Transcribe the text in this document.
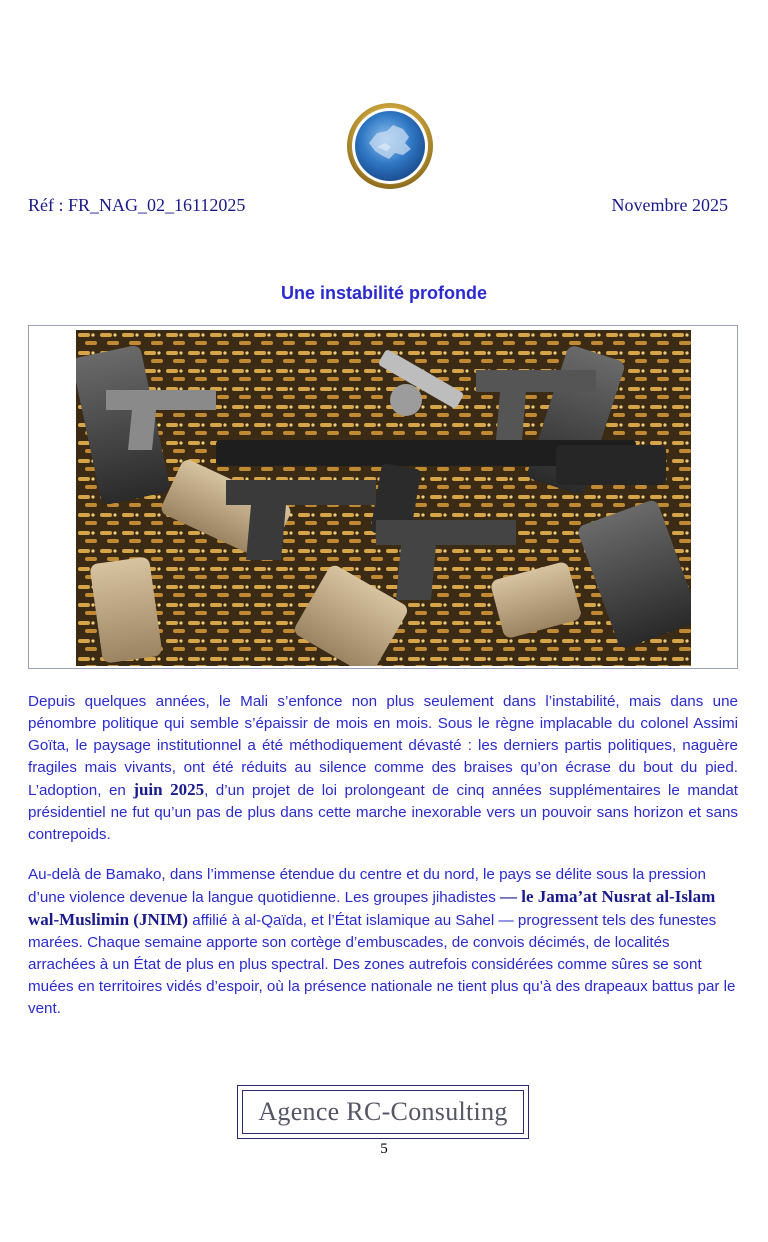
Réf : FR_NAG_02_16112025	Novembre 2025
Une instabilité profonde

Depuis quelques années, le Mali s’enfonce non plus seulement dans l’instabilité, mais dans une pénombre politique qui semble s’épaissir de mois en mois. Sous le règne implacable du colonel Assimi Goïta, le paysage institutionnel a été méthodiquement dévasté : les derniers partis politiques, naguère fragiles mais vivants, ont été réduits au silence comme des braises qu’on écrase du bout du pied. L’adoption, en juin 2025, d’un projet de loi prolongeant de cinq années supplémentaires le mandat présidentiel ne fut qu’un pas de plus dans cette marche inexorable vers un pouvoir sans horizon et sans contrepoids.

Au-delà de Bamako, dans l’immense étendue du centre et du nord, le pays se délite sous la pression d’une violence devenue la langue quotidienne. Les groupes jihadistes — le Jama’at Nusrat al-Islam wal-Muslimin (JNIM) affilié à al-Qaïda, et l’État islamique au Sahel — progressent tels des funestes marées. Chaque semaine apporte son cortège d’embuscades, de convois décimés, de localités arrachées à un État de plus en plus spectral. Des zones autrefois considérées comme sûres se sont muées en territoires vidés d’espoir, où la présence nationale ne tient plus qu’à des drapeaux battus par le vent.

Agence RC-Consulting
5
